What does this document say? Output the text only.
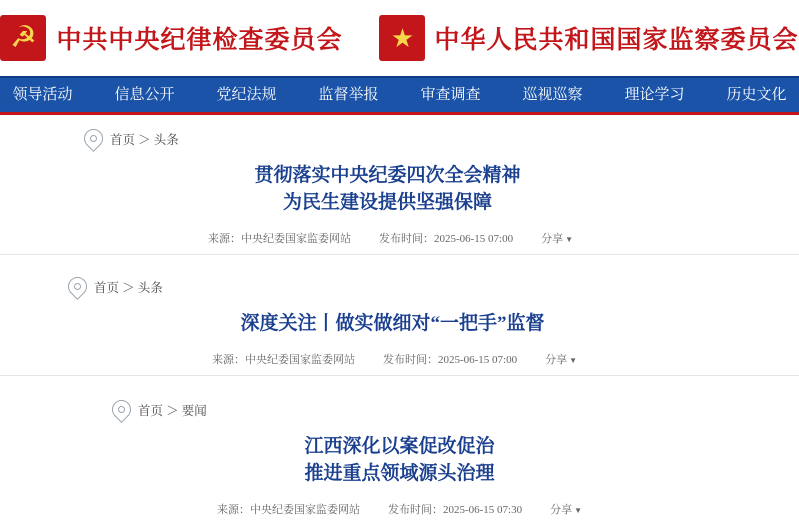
☭ 中共中央纪律检查委员会	★ 中华人民共和国国家监察委员会
领导活动	信息公开	党纪法规	监督举报	审查调查	巡视巡察	理论学习	历史文化
首页 ＞ 头条
贯彻落实中央纪委四次全会精神
为民生建设提供坚强保障
来源：中央纪委国家监委网站	发布时间：2025-06-15 07:00	分享 ▼
首页 ＞ 头条
深度关注丨做实做细对“一把手”监督
来源：中央纪委国家监委网站	发布时间：2025-06-15 07:00	分享 ▼
首页 ＞ 要闻
江西深化以案促改促治
推进重点领域源头治理
来源：中央纪委国家监委网站	发布时间：2025-06-15 07:30	分享 ▼
